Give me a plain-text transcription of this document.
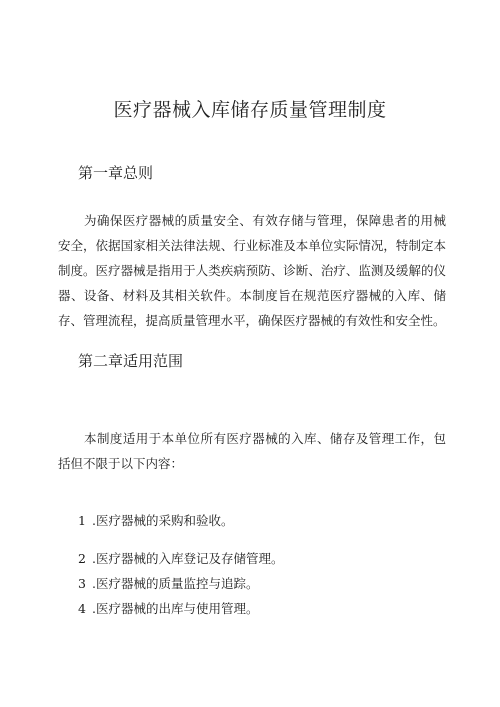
医疗器械入库储存质量管理制度
第一章总则

为确保医疗器械的质量安全、有效存储与管理，保障患者的用械安全，依据国家相关法律法规、行业标准及本单位实际情况，特制定本制度。医疗器械是指用于人类疾病预防、诊断、治疗、监测及缓解的仪器、设备、材料及其相关软件。本制度旨在规范医疗器械的入库、储存、管理流程，提高质量管理水平，确保医疗器械的有效性和安全性。

第二章适用范围

本制度适用于本单位所有医疗器械的入库、储存及管理工作，包括但不限于以下内容：

1 .医疗器械的采购和验收。
2 .医疗器械的入库登记及存储管理。
3 .医疗器械的质量监控与追踪。
4 .医疗器械的出库与使用管理。
